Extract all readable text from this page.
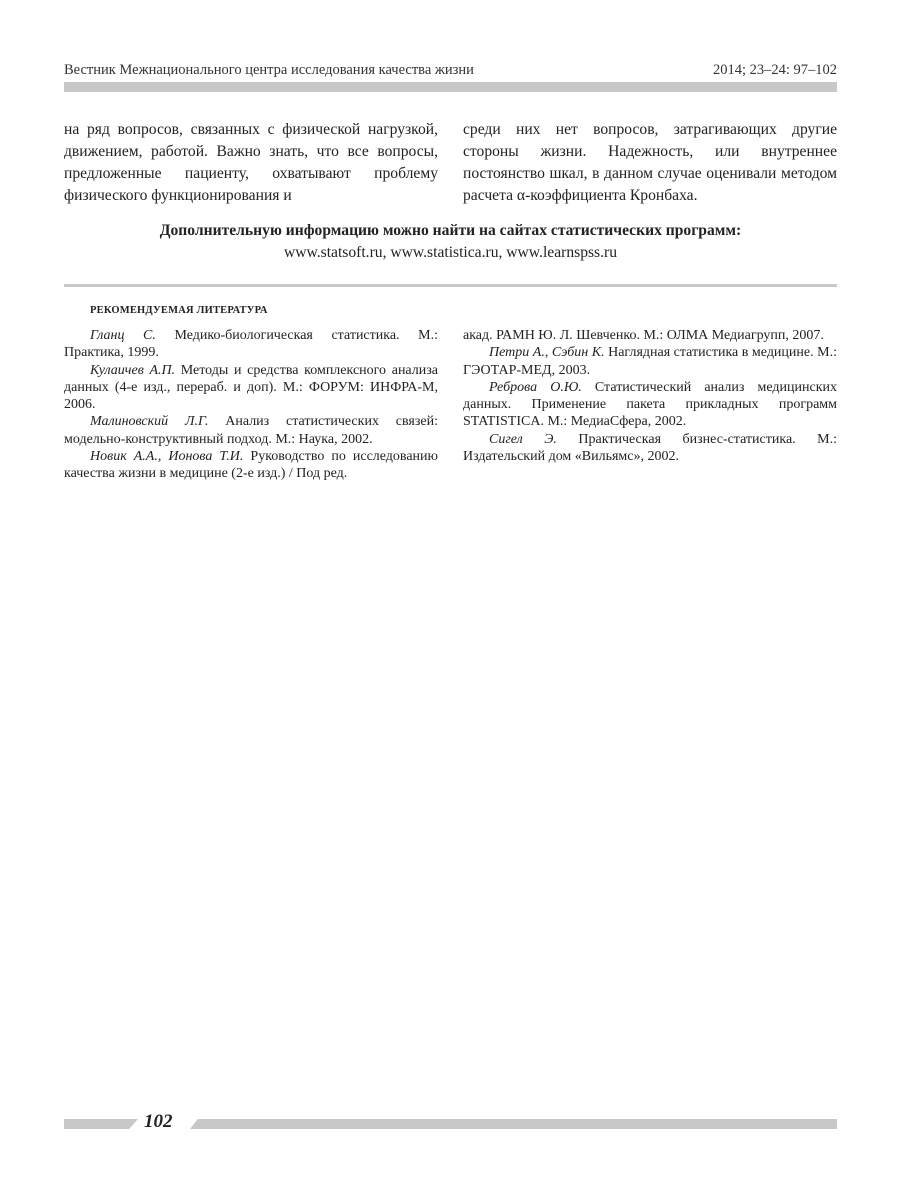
Вестник Межнационального центра исследования качества жизни	2014; 23–24: 97–102

на ряд вопросов, связанных с физической нагрузкой, движением, работой. Важно знать, что все вопросы, предложенные пациенту, охватывают проблему физического функционирования и

среди них нет вопросов, затрагивающих другие стороны жизни. Надежность, или внутреннее постоянство шкал, в данном случае оценивали методом расчета α-коэффициента Кронбаха.

Дополнительную информацию можно найти на сайтах статистических программ:
www.statsoft.ru, www.statistica.ru, www.learnspss.ru
РЕКОМЕНДУЕМАЯ ЛИТЕРАТУРА

Гланц С. Медико-биологическая статистика. М.: Практика, 1999.

Кулаичев А.П. Методы и средства комплексного анализа данных (4-е изд., перераб. и доп). М.: ФОРУМ: ИНФРА-М, 2006.

Малиновский Л.Г. Анализ статистических связей: модельно-конструктивный подход. М.: Наука, 2002.

Новик А.А., Ионова Т.И. Руководство по исследованию качества жизни в медицине (2-е изд.) / Под ред.

акад. РАМН Ю. Л. Шевченко. М.: ОЛМА Медиагрупп, 2007.

Петри А., Сэбин К. Наглядная статистика в медицине. М.: ГЭОТАР-МЕД, 2003.

Реброва О.Ю. Статистический анализ медицинских данных. Применение пакета прикладных программ STATISTICA. М.: МедиаСфера, 2002.

Сигел Э. Практическая бизнес-статистика. М.: Издательский дом «Вильямс», 2002.

102
